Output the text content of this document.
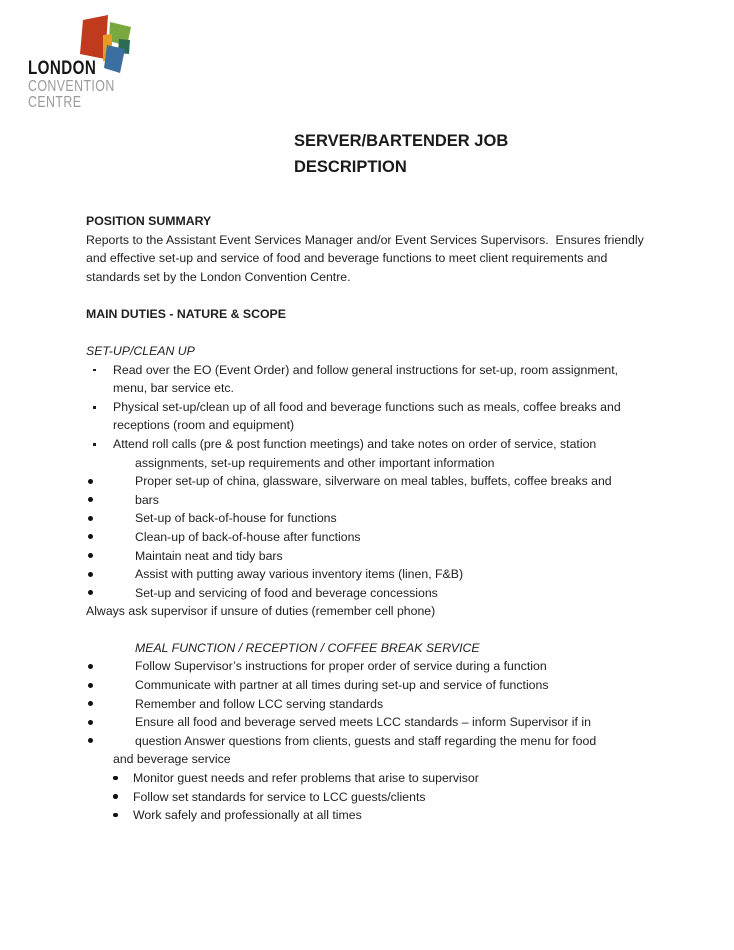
LONDON
CONVENTION
CENTRE
SERVER/BARTENDER JOB
DESCRIPTION
POSITION SUMMARY
Reports to the Assistant Event Services Manager and/or Event Services Supervisors.  Ensures friendly and effective set-up and service of food and beverage functions to meet client requirements and standards set by the London Convention Centre.
MAIN DUTIES - NATURE & SCOPE
SET-UP/CLEAN UP
Read over the EO (Event Order) and follow general instructions for set-up, room assignment, menu, bar service etc.
Physical set-up/clean up of all food and beverage functions such as meals, coffee breaks and receptions (room and equipment)
Attend roll calls (pre & post function meetings) and take notes on order of service, station assignments, set-up requirements and other important information
Proper set-up of china, glassware, silverware on meal tables, buffets, coffee breaks and
bars
Set-up of back-of-house for functions
Clean-up of back-of-house after functions
Maintain neat and tidy bars
Assist with putting away various inventory items (linen, F&B)
Set-up and servicing of food and beverage concessions
Always ask supervisor if unsure of duties (remember cell phone)
MEAL FUNCTION / RECEPTION / COFFEE BREAK SERVICE
Follow Supervisor’s instructions for proper order of service during a function
Communicate with partner at all times during set-up and service of functions
Remember and follow LCC serving standards
Ensure all food and beverage served meets LCC standards – inform Supervisor if in
question Answer questions from clients, guests and staff regarding the menu for food
and beverage service
Monitor guest needs and refer problems that arise to supervisor
Follow set standards for service to LCC guests/clients
Work safely and professionally at all times
